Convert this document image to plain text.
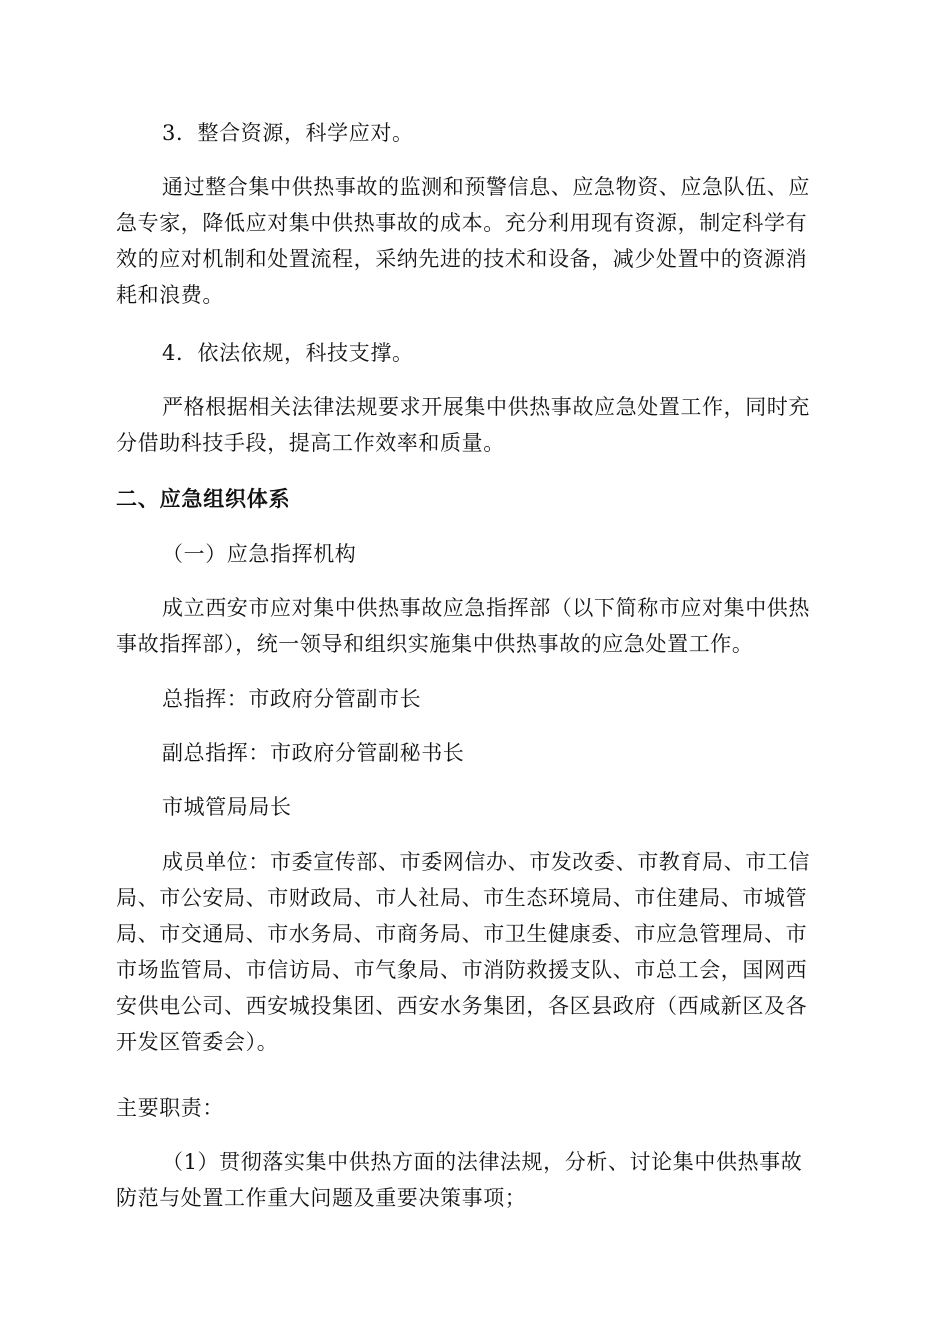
3．整合资源，科学应对。
通过整合集中供热事故的监测和预警信息、应急物资、应急队伍、应
急专家，降低应对集中供热事故的成本。充分利用现有资源，制定科学有
效的应对机制和处置流程，采纳先进的技术和设备，减少处置中的资源消
耗和浪费。
4．依法依规，科技支撑。
严格根据相关法律法规要求开展集中供热事故应急处置工作，同时充
分借助科技手段，提高工作效率和质量。
二、应急组织体系
（一）应急指挥机构
成立西安市应对集中供热事故应急指挥部（以下简称市应对集中供热
事故指挥部），统一领导和组织实施集中供热事故的应急处置工作。
总指挥：市政府分管副市长
副总指挥：市政府分管副秘书长
市城管局局长
成员单位：市委宣传部、市委网信办、市发改委、市教育局、市工信
局、市公安局、市财政局、市人社局、市生态环境局、市住建局、市城管
局、市交通局、市水务局、市商务局、市卫生健康委、市应急管理局、市
市场监管局、市信访局、市气象局、市消防救援支队、市总工会，国网西
安供电公司、西安城投集团、西安水务集团，各区县政府（西咸新区及各
开发区管委会）。
主要职责：
（1）贯彻落实集中供热方面的法律法规，分析、讨论集中供热事故
防范与处置工作重大问题及重要决策事项；
